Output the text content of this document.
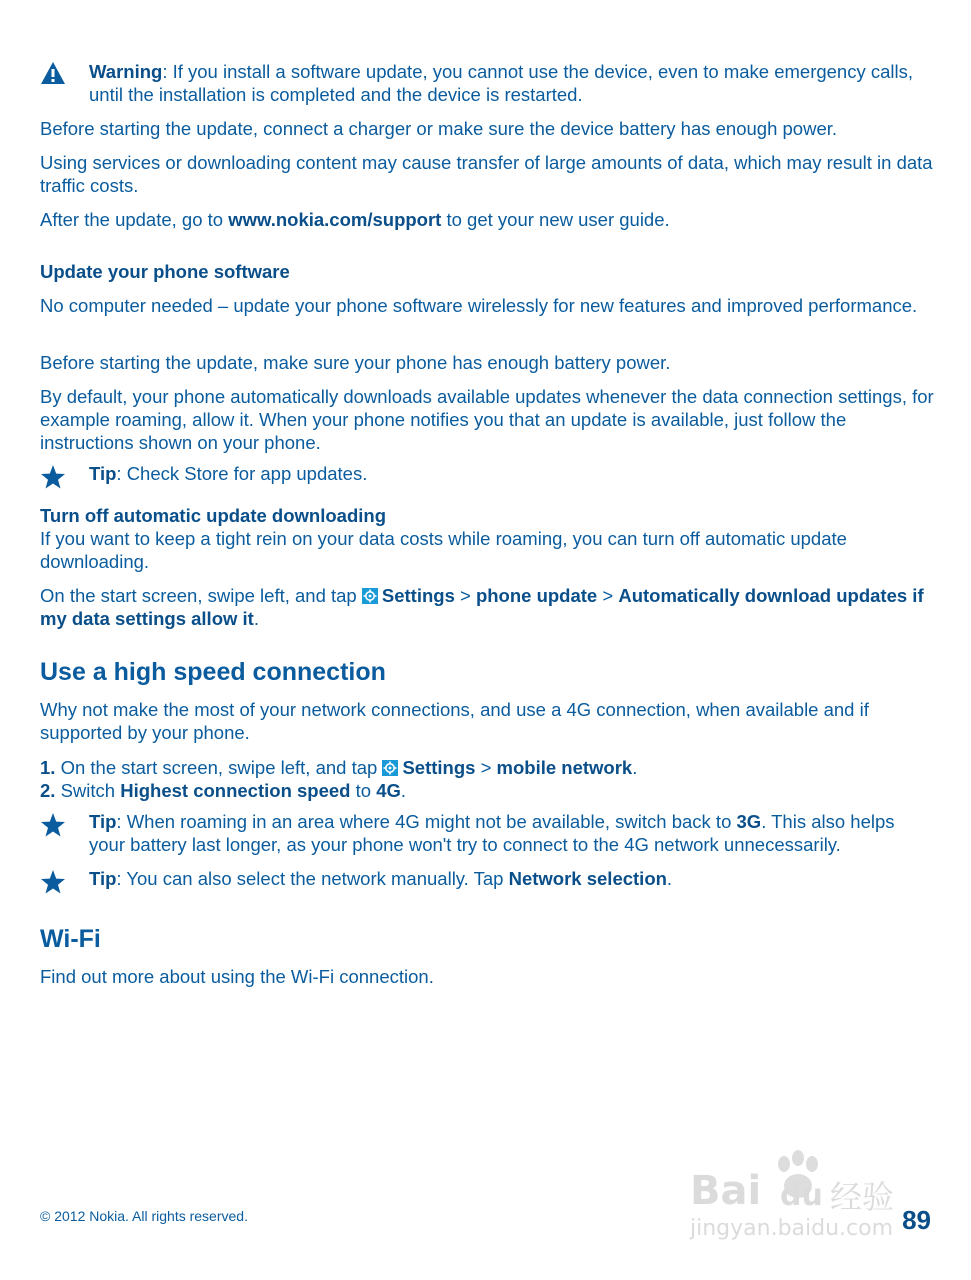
Warning: If you install a software update, you cannot use the device, even to make emergency calls, until the installation is completed and the device is restarted.

Before starting the update, connect a charger or make sure the device battery has enough power.

Using services or downloading content may cause transfer of large amounts of data, which may result in data traffic costs.

After the update, go to www.nokia.com/support to get your new user guide.

Update your phone software

No computer needed – update your phone software wirelessly for new features and improved performance.

Before starting the update, make sure your phone has enough battery power.

By default, your phone automatically downloads available updates whenever the data connection settings, for example roaming, allow it. When your phone notifies you that an update is available, just follow the instructions shown on your phone.

Tip: Check Store for app updates.

Turn off automatic update downloading

If you want to keep a tight rein on your data costs while roaming, you can turn off automatic update downloading.

On the start screen, swipe left, and tap Settings > phone update > Automatically download updates if my data settings allow it.

Use a high speed connection

Why not make the most of your network connections, and use a 4G connection, when available and if supported by your phone.

1. On the start screen, swipe left, and tap Settings > mobile network.

2. Switch Highest connection speed to 4G.

Tip: When roaming in an area where 4G might not be available, switch back to 3G. This also helps your battery last longer, as your phone won't try to connect to the 4G network unnecessarily.

Tip: You can also select the network manually. Tap Network selection.

Wi-Fi

Find out more about using the Wi-Fi connection.

Bai du 经验
jingyan.baidu.com
© 2012 Nokia. All rights reserved.	89
